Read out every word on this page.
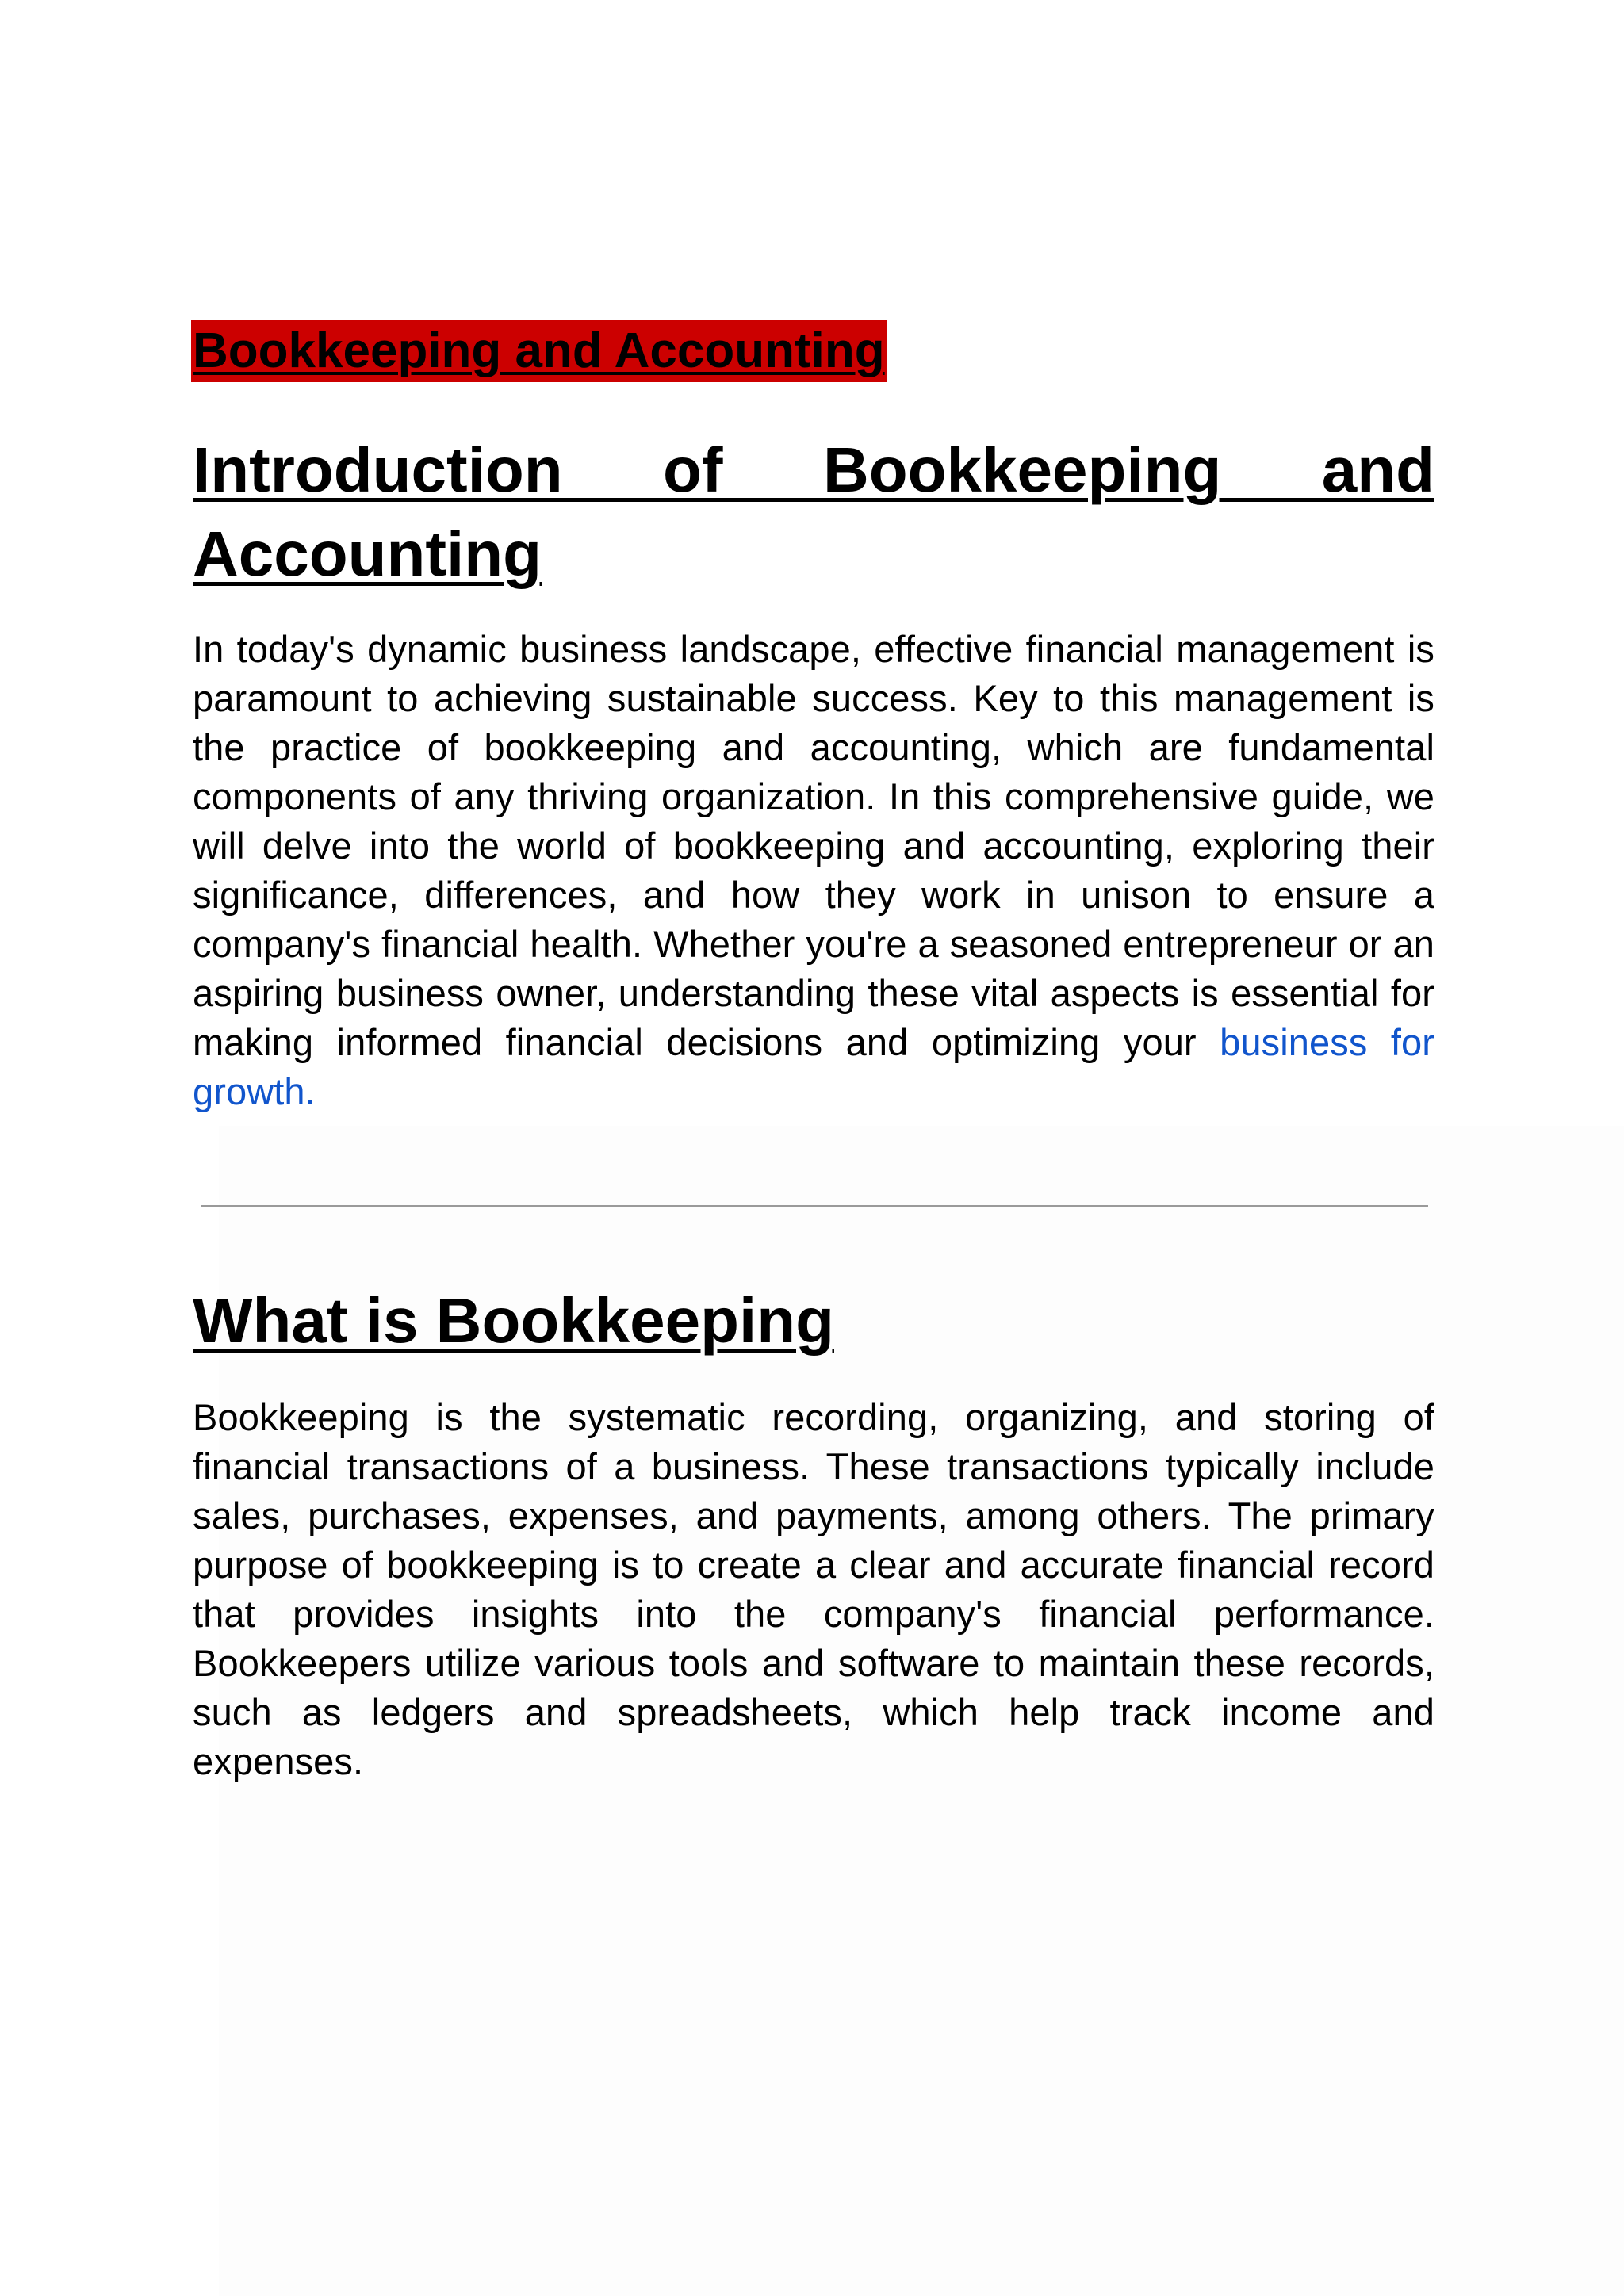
Bookkeeping and Accounting
Introduction of Bookkeeping and Accounting

In today's dynamic business landscape, effective financial management is paramount to achieving sustainable success. Key to this management is the practice of bookkeeping and accounting, which are fundamental components of any thriving organization. In this comprehensive guide, we will delve into the world of bookkeeping and accounting, exploring their significance, differences, and how they work in unison to ensure a company's financial health. Whether you're a seasoned entrepreneur or an aspiring business owner, understanding these vital aspects is essential for making informed financial decisions and optimizing your business for growth.

What is Bookkeeping

Bookkeeping is the systematic recording, organizing, and storing of financial transactions of a business. These transactions typically include sales, purchases, expenses, and payments, among others. The primary purpose of bookkeeping is to create a clear and accurate financial record that provides insights into the company's financial performance. Bookkeepers utilize various tools and software to maintain these records, such as ledgers and spreadsheets, which help track income and expenses.
